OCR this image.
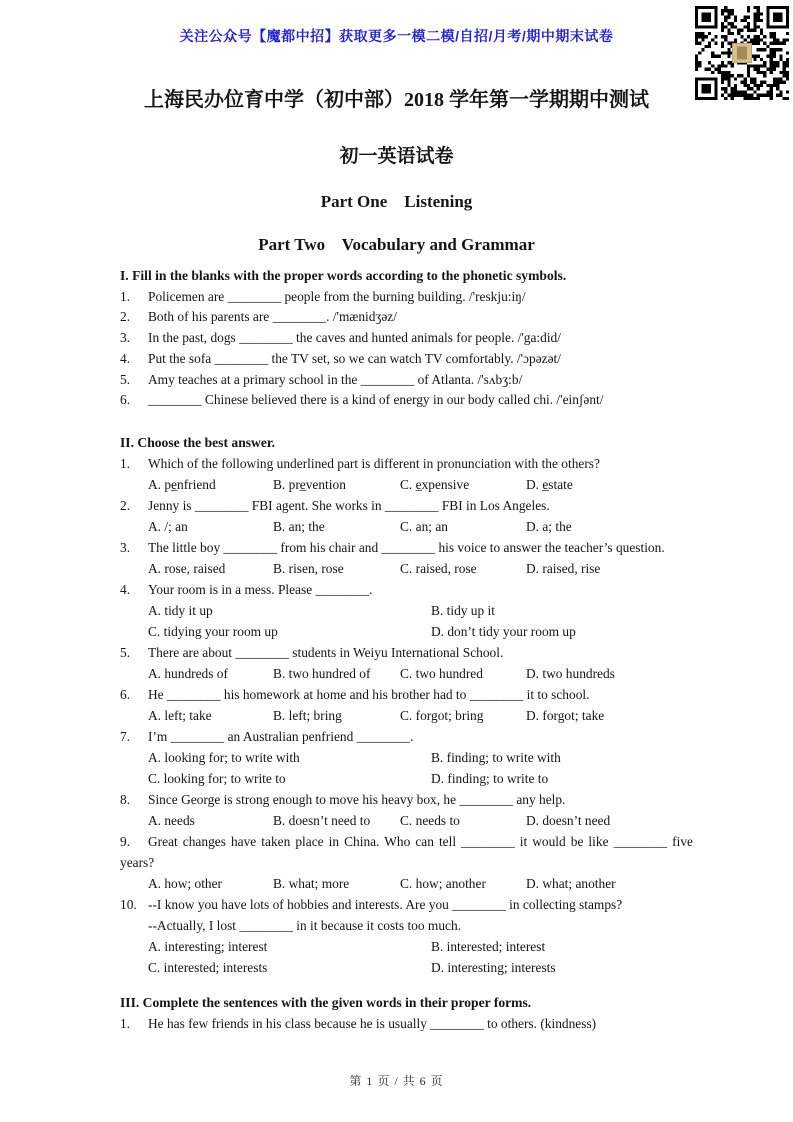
关注公众号【魔都中招】获取更多一模二模/自招/月考/期中期末试卷
上海民办位育中学（初中部）2018 学年第一学期期中测试
初一英语试卷
Part One    Listening
Part Two    Vocabulary and Grammar
I. Fill in the blanks with the proper words according to the phonetic symbols.
1.	Policemen are ________ people from the burning building. /'reskju:iŋ/
2.	Both of his parents are ________. /'mænidʒəz/
3.	In the past, dogs ________ the caves and hunted animals for people. /'ga:did/
4.	Put the sofa ________ the TV set, so we can watch TV comfortably. /'ɔpəzət/
5.	Amy teaches at a primary school in the ________ of Atlanta. /'sʌbʒ:b/
6.	________ Chinese believed there is a kind of energy in our body called chi. /'einʃənt/
II. Choose the best answer.
1.	Which of the following underlined part is different in pronunciation with the others?
A. pe̲nfriend	B. pre̲vention	C. e̲xpensive	D. e̲state
2.	Jenny is ________ FBI agent. She works in ________ FBI in Los Angeles.
A. /; an	B. an; the	C. an; an	D. a; the
3.	The little boy ________ from his chair and ________ his voice to answer the teacher’s question.
A. rose, raised	B. risen, rose	C. raised, rose	D. raised, rise
4.	Your room is in a mess. Please ________.
A. tidy it up	B. tidy up it
C. tidying your room up	D. don’t tidy your room up
5.	There are about ________ students in Weiyu International School.
A. hundreds of	B. two hundred of	C. two hundred	D. two hundreds
6.	He ________ his homework at home and his brother had to ________ it to school.
A. left; take	B. left; bring	C. forgot; bring	D. forgot; take
7.	I’m ________ an Australian penfriend ________.
A. looking for; to write with	B. finding; to write with
C. looking for; to write to	D. finding; to write to
8.	Since George is strong enough to move his heavy box, he ________ any help.
A. needs	B. doesn’t need to	C. needs to	D. doesn’t need
9.	Great changes have taken place in China. Who can tell ________ it would be like ________ five
years?
A. how; other	B. what; more	C. how; another	D. what; another
10. --I know you have lots of hobbies and interests. Are you ________ in collecting stamps?
--Actually, I lost ________ in it because it costs too much.
A. interesting; interest	B. interested; interest
C. interested; interests	D. interesting; interests
III. Complete the sentences with the given words in their proper forms.
1.	He has few friends in his class because he is usually ________ to others. (kindness)
第 1 页 / 共 6 页
